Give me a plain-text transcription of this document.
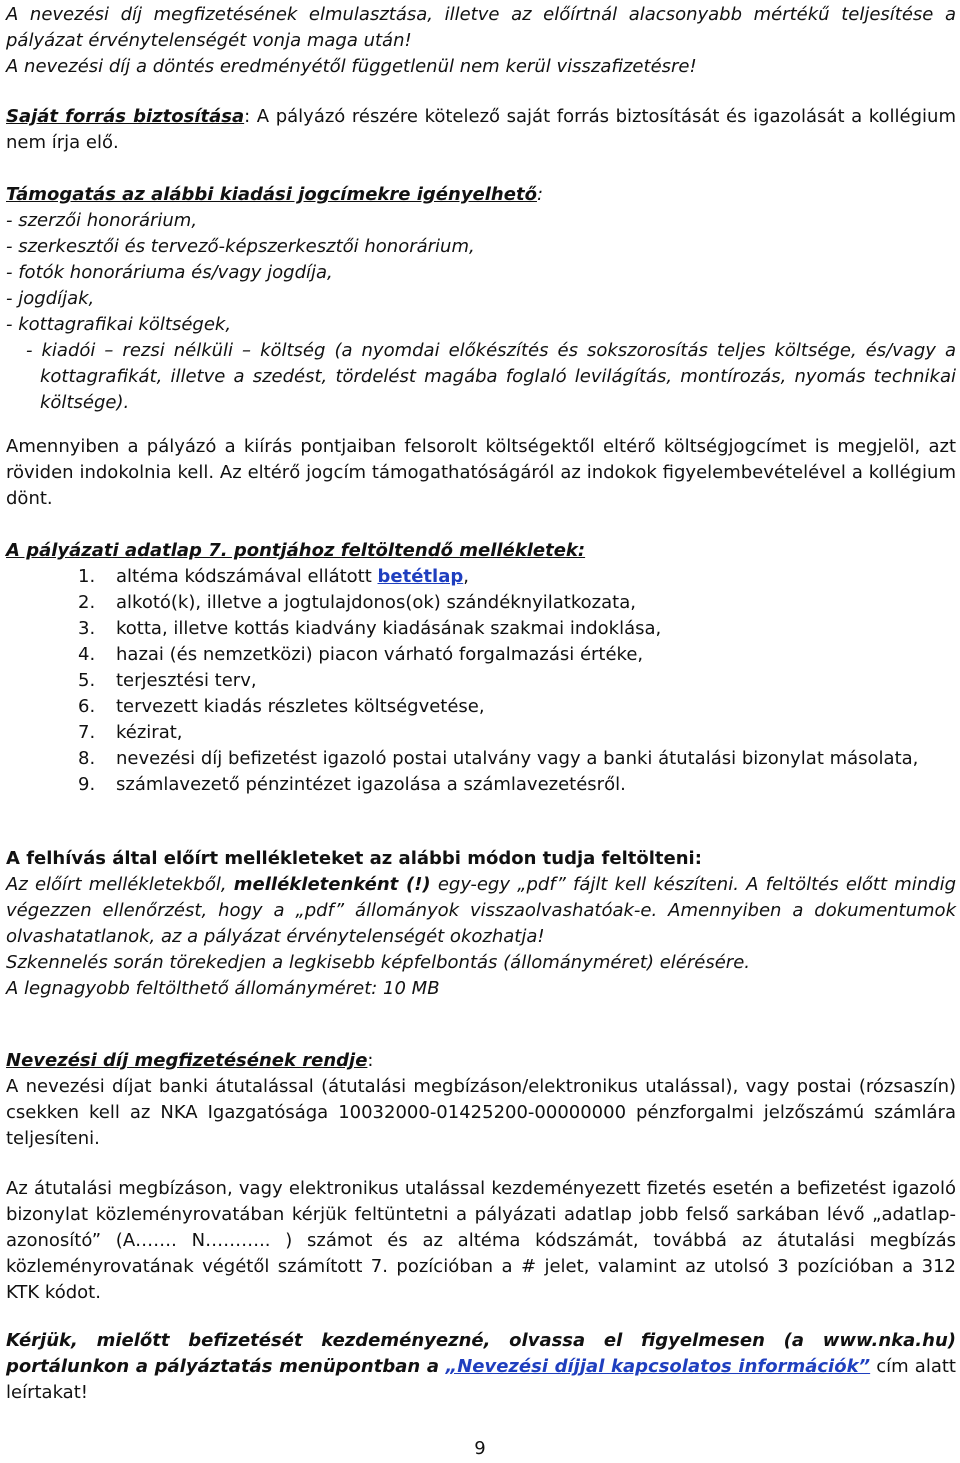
A nevezési díj megfizetésének elmulasztása, illetve az előírtnál alacsonyabb mértékű teljesítése a pályázat érvénytelenségét vonja maga után!

A nevezési díj a döntés eredményétől függetlenül nem kerül visszafizetésre!

Saját forrás biztosítása: A pályázó részére kötelező saját forrás biztosítását és igazolását a kollégium nem írja elő.

Támogatás az alábbi kiadási jogcímekre igényelhető:

- szerzői honorárium,
- szerkesztői és tervező-képszerkesztői honorárium,
- fotók honoráriuma és/vagy jogdíja,
- jogdíjak,
- kottagrafikai költségek,
- kiadói – rezsi nélküli – költség (a nyomdai előkészítés és sokszorosítás teljes költsége, és/vagy a kottagrafikát, illetve a szedést, tördelést magába foglaló levilágítás, montírozás, nyomás technikai költsége).
Amennyiben a pályázó a kiírás pontjaiban felsorolt költségektől eltérő költségjogcímet is megjelöl, azt röviden indokolnia kell. Az eltérő jogcím támogathatóságáról az indokok figyelembevételével a kollégium dönt.

A pályázati adatlap 7. pontjához feltöltendő mellékletek:

1.	altéma kódszámával ellátott betétlap,
2.	alkotó(k), illetve a jogtulajdonos(ok) szándéknyilatkozata,
3.	kotta, illetve kottás kiadvány kiadásának szakmai indoklása,
4.	hazai (és nemzetközi) piacon várható forgalmazási értéke,
5.	terjesztési terv,
6.	tervezett kiadás részletes költségvetése,
7.	kézirat,
8.	nevezési díj befizetést igazoló postai utalvány vagy a banki átutalási bizonylat másolata,
9.	számlavezető pénzintézet igazolása a számlavezetésről.

A felhívás által előírt mellékleteket az alábbi módon tudja feltölteni:

Az előírt mellékletekből, mellékletenként (!) egy-egy „pdf” fájlt kell készíteni. A feltöltés előtt mindig végezzen ellenőrzést, hogy a „pdf” állományok visszaolvashatóak-e. Amennyiben a dokumentumok olvashatatlanok, az a pályázat érvénytelenségét okozhatja!

Szkennelés során törekedjen a legkisebb képfelbontás (állományméret) elérésére.

A legnagyobb feltölthető állományméret: 10 MB

Nevezési díj megfizetésének rendje:

A nevezési díjat banki átutalással (átutalási megbízáson/elektronikus utalással), vagy postai (rózsaszín) csekken kell az NKA Igazgatósága 10032000-01425200-00000000 pénzforgalmi jelzőszámú számlára teljesíteni.

Az átutalási megbízáson, vagy elektronikus utalással kezdeményezett fizetés esetén a befizetést igazoló bizonylat közleményrovatában kérjük feltüntetni a pályázati adatlap jobb felső sarkában lévő „adatlap-azonosító” (A……. N……….. ) számot és az altéma kódszámát, továbbá az átutalási megbízás közleményrovatának végétől számított 7. pozícióban a # jelet, valamint az utolsó 3 pozícióban a 312 KTK kódot.
Kérjük, mielőtt befizetését kezdeményezné, olvassa el figyelmesen (a www.nka.hu) portálunkon a pályáztatás menüpontban a „Nevezési díjjal kapcsolatos információk” cím alatt leírtakat!
9
